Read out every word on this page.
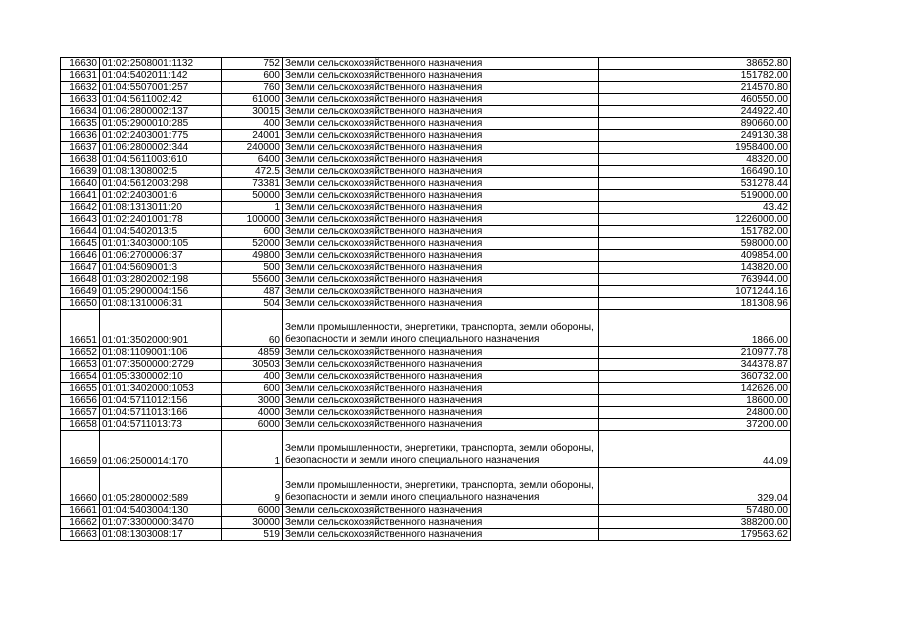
16630	01:02:2508001:1132	752	Земли сельскохозяйственного назначения	38652.80
16631	01:04:5402011:142	600	Земли сельскохозяйственного назначения	151782.00
16632	01:04:5507001:257	760	Земли сельскохозяйственного назначения	214570.80
16633	01:04:5611002:42	61000	Земли сельскохозяйственного назначения	460550.00
16634	01:06:2800002:137	30015	Земли сельскохозяйственного назначения	244922.40
16635	01:05:2900010:285	400	Земли сельскохозяйственного назначения	890660.00
16636	01:02:2403001:775	24001	Земли сельскохозяйственного назначения	249130.38
16637	01:06:2800002:344	240000	Земли сельскохозяйственного назначения	1958400.00
16638	01:04:5611003:610	6400	Земли сельскохозяйственного назначения	48320.00
16639	01:08:1308002:5	472.5	Земли сельскохозяйственного назначения	166490.10
16640	01:04:5612003:298	73381	Земли сельскохозяйственного назначения	531278.44
16641	01:02:2403001:6	50000	Земли сельскохозяйственного назначения	519000.00
16642	01:08:1313011:20	1	Земли сельскохозяйственного назначения	43.42
16643	01:02:2401001:78	100000	Земли сельскохозяйственного назначения	1226000.00
16644	01:04:5402013:5	600	Земли сельскохозяйственного назначения	151782.00
16645	01:01:3403000:105	52000	Земли сельскохозяйственного назначения	598000.00
16646	01:06:2700006:37	49800	Земли сельскохозяйственного назначения	409854.00
16647	01:04:5609001:3	500	Земли сельскохозяйственного назначения	143820.00
16648	01:03:2802002:198	55600	Земли сельскохозяйственного назначения	763944.00
16649	01:05:2900004:156	487	Земли сельскохозяйственного назначения	1071244.16
16650	01:08:1310006:31	504	Земли сельскохозяйственного назначения	181308.96
16651	01:01:3502000:901	60	Земли промышленности, энергетики, транспорта, земли обороны, безопасности и земли иного специального назначения	1866.00
16652	01:08:1109001:106	4859	Земли сельскохозяйственного назначения	210977.78
16653	01:07:3500000:2729	30503	Земли сельскохозяйственного назначения	344378.87
16654	01:05:3300002:10	400	Земли сельскохозяйственного назначения	360732.00
16655	01:01:3402000:1053	600	Земли сельскохозяйственного назначения	142626.00
16656	01:04:5711012:156	3000	Земли сельскохозяйственного назначения	18600.00
16657	01:04:5711013:166	4000	Земли сельскохозяйственного назначения	24800.00
16658	01:04:5711013:73	6000	Земли сельскохозяйственного назначения	37200.00
16659	01:06:2500014:170	1	Земли промышленности, энергетики, транспорта, земли обороны, безопасности и земли иного специального назначения	44.09
16660	01:05:2800002:589	9	Земли промышленности, энергетики, транспорта, земли обороны, безопасности и земли иного специального назначения	329.04
16661	01:04:5403004:130	6000	Земли сельскохозяйственного назначения	57480.00
16662	01:07:3300000:3470	30000	Земли сельскохозяйственного назначения	388200.00
16663	01:08:1303008:17	519	Земли сельскохозяйственного назначения	179563.62
